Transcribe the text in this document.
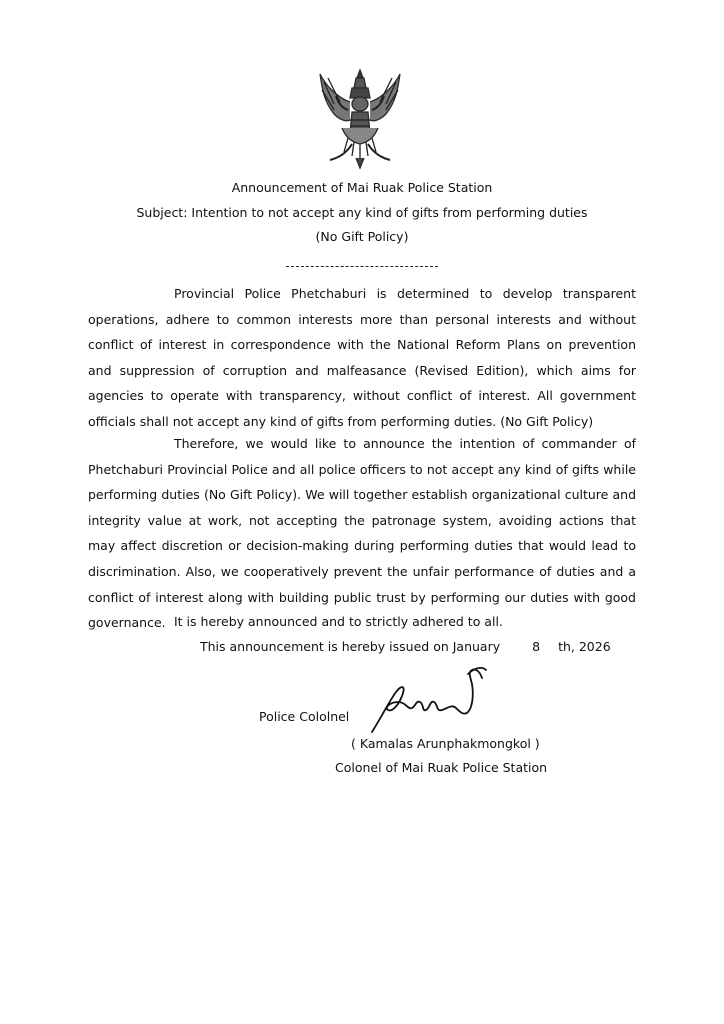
Announcement of Mai Ruak Police Station
Subject: Intention to not accept any kind of gifts from performing duties
(No Gift Policy)
Provincial Police Phetchaburi is determined to develop transparent operations, adhere to common interests more than personal interests and without conflict of interest in correspondence with the National Reform Plans on prevention and suppression of corruption and malfeasance (Revised Edition), which aims for agencies to operate with transparency, without conflict of interest. All government officials shall not accept any kind of gifts from performing duties. (No Gift Policy)
Therefore, we would like to announce the intention of commander of Phetchaburi Provincial Police and all police officers to not accept any kind of gifts while performing duties (No Gift Policy). We will together establish organizational culture and integrity value at work, not accepting the patronage system, avoiding actions that may affect discretion or decision-making during performing duties that would lead to discrimination. Also, we cooperatively prevent the unfair performance of duties and a conflict of interest along with building public trust by performing our duties with good governance. It is hereby announced and to strictly adhered to all.
This announcement is hereby issued on January	8 th, 2026
Police Cololnel
( Kamalas Arunphakmongkol )
Colonel of Mai Ruak Police Station
